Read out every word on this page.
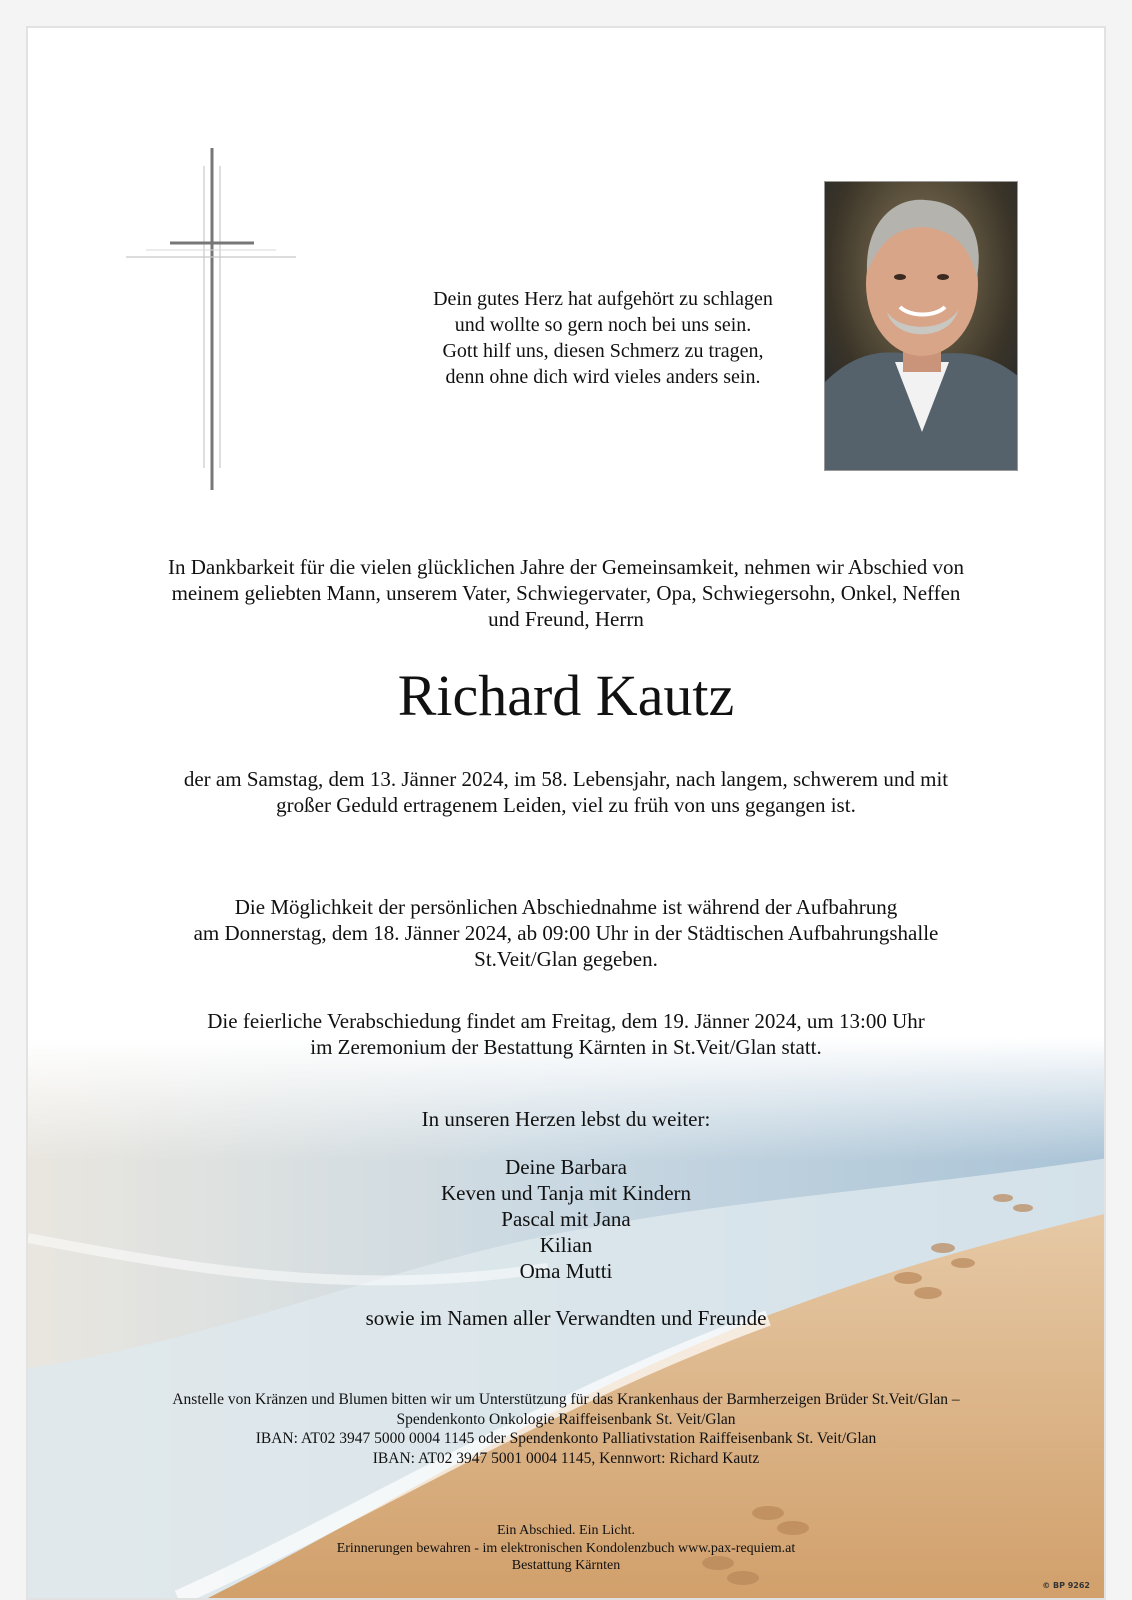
Dein gutes Herz hat aufgehört zu schlagen
und wollte so gern noch bei uns sein.
Gott hilf uns, diesen Schmerz zu tragen,
denn ohne dich wird vieles anders sein.
In Dankbarkeit für die vielen glücklichen Jahre der Gemeinsamkeit, nehmen wir Abschied von
meinem geliebten Mann, unserem Vater, Schwiegervater, Opa, Schwiegersohn, Onkel, Neffen
und Freund, Herrn
Richard Kautz
der am Samstag, dem 13. Jänner 2024, im 58. Lebensjahr, nach langem, schwerem und mit
großer Geduld ertragenem Leiden, viel zu früh von uns gegangen ist.
Die Möglichkeit der persönlichen Abschiednahme ist während der Aufbahrung
am Donnerstag, dem 18. Jänner 2024, ab 09:00 Uhr in der Städtischen Aufbahrungshalle
St.Veit/Glan gegeben.
Die feierliche Verabschiedung findet am Freitag, dem 19. Jänner 2024, um 13:00 Uhr
im Zeremonium der Bestattung Kärnten in St.Veit/Glan statt.
In unseren Herzen lebst du weiter:
Deine Barbara
Keven und Tanja mit Kindern
Pascal mit Jana
Kilian
Oma Mutti
sowie im Namen aller Verwandten und Freunde
Anstelle von Kränzen und Blumen bitten wir um Unterstützung für das Krankenhaus der Barmherzeigen Brüder St.Veit/Glan –
Spendenkonto Onkologie Raiffeisenbank St. Veit/Glan
IBAN: AT02 3947 5000 0004 1145 oder Spendenkonto Palliativstation Raiffeisenbank St. Veit/Glan
IBAN: AT02 3947 5001 0004 1145, Kennwort: Richard Kautz
Ein Abschied. Ein Licht.
Erinnerungen bewahren - im elektronischen Kondolenzbuch www.pax-requiem.at
Bestattung Kärnten
© BP 9262
